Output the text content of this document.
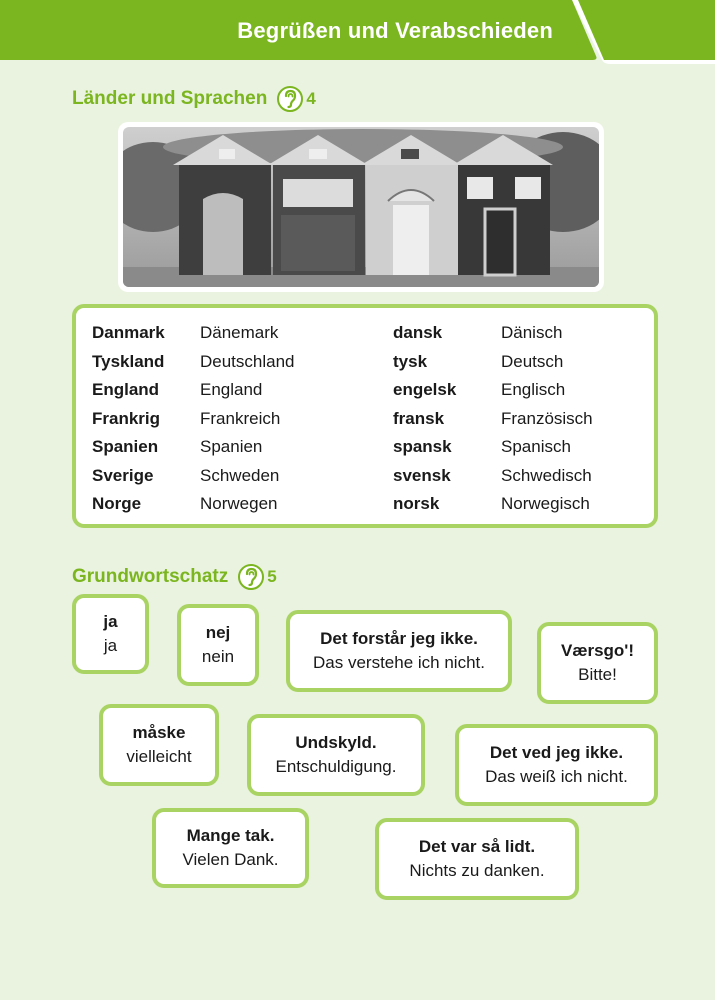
Begrüßen und Verabschieden
Länder und Sprachen 4
Danmark Dänemark	dansk	Dänisch
Tyskland Deutschland	tysk	Deutsch
England England	engelsk	Englisch
Frankrig Frankreich	fransk	Französisch
Spanien Spanien	spansk	Spanisch
Sverige	Schweden	svensk	Schwedisch
Norge	Norwegen	norsk	Norwegisch
Grundwortschatz 5
ja
ja
nej
nein
Det forstår jeg ikke.
Das verstehe ich nicht.
Værsgo'!
Bitte!
måske
vielleicht
Undskyld.
Entschuldigung.
Det ved jeg ikke.
Das weiß ich nicht.
Mange tak.
Vielen Dank.
Det var så lidt.
Nichts zu danken.
